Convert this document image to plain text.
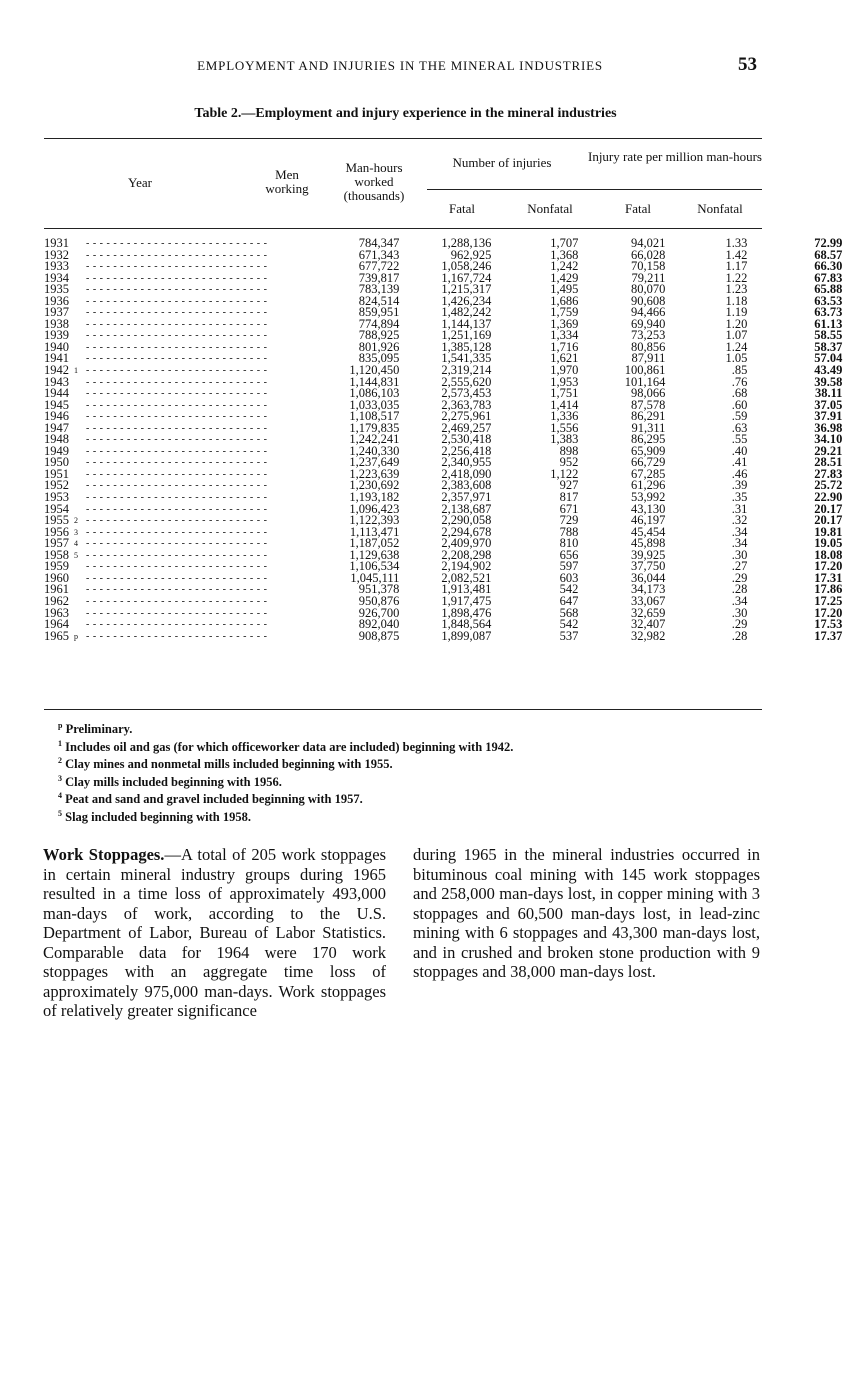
EMPLOYMENT AND INJURIES IN THE MINERAL INDUSTRIES	53
Table 2.—Employment and injury experience in the mineral industries
Year
Men working
Man-hours worked (thousands)
Number of injuries	Injury rate per million man-hours
Fatal	Nonfatal	Fatal	Nonfatal
1931		- - - - - - - - - - - - - - - - - - - - - - - - - - -	784,347	1,288,136	1,707	94,021	1.33	72.99
1932		- - - - - - - - - - - - - - - - - - - - - - - - - - -	671,343	962,925	1,368	66,028	1.42	68.57
1933		- - - - - - - - - - - - - - - - - - - - - - - - - - -	677,722	1,058,246	1,242	70,158	1.17	66.30
1934		- - - - - - - - - - - - - - - - - - - - - - - - - - -	739,817	1,167,724	1,429	79,211	1.22	67.83
1935		- - - - - - - - - - - - - - - - - - - - - - - - - - -	783,139	1,215,317	1,495	80,070	1.23	65.88
1936		- - - - - - - - - - - - - - - - - - - - - - - - - - -	824,514	1,426,234	1,686	90,608	1.18	63.53
1937		- - - - - - - - - - - - - - - - - - - - - - - - - - -	859,951	1,482,242	1,759	94,466	1.19	63.73
1938		- - - - - - - - - - - - - - - - - - - - - - - - - - -	774,894	1,144,137	1,369	69,940	1.20	61.13
1939		- - - - - - - - - - - - - - - - - - - - - - - - - - -	788,925	1,251,169	1,334	73,253	1.07	58.55
1940		- - - - - - - - - - - - - - - - - - - - - - - - - - -	801,926	1,385,128	1,716	80,856	1.24	58.37
1941		- - - - - - - - - - - - - - - - - - - - - - - - - - -	835,095	1,541,335	1,621	87,911	1.05	57.04
1942	1	- - - - - - - - - - - - - - - - - - - - - - - - - - -	1,120,450	2,319,214	1,970	100,861	.85	43.49
1943		- - - - - - - - - - - - - - - - - - - - - - - - - - -	1,144,831	2,555,620	1,953	101,164	.76	39.58
1944		- - - - - - - - - - - - - - - - - - - - - - - - - - -	1,086,103	2,573,453	1,751	98,066	.68	38.11
1945		- - - - - - - - - - - - - - - - - - - - - - - - - - -	1,033,035	2,363,783	1,414	87,578	.60	37.05
1946		- - - - - - - - - - - - - - - - - - - - - - - - - - -	1,108,517	2,275,961	1,336	86,291	.59	37.91
1947		- - - - - - - - - - - - - - - - - - - - - - - - - - -	1,179,835	2,469,257	1,556	91,311	.63	36.98
1948		- - - - - - - - - - - - - - - - - - - - - - - - - - -	1,242,241	2,530,418	1,383	86,295	.55	34.10
1949		- - - - - - - - - - - - - - - - - - - - - - - - - - -	1,240,330	2,256,418	898	65,909	.40	29.21
1950		- - - - - - - - - - - - - - - - - - - - - - - - - - -	1,237,649	2,340,955	952	66,729	.41	28.51
1951		- - - - - - - - - - - - - - - - - - - - - - - - - - -	1,223,639	2,418,090	1,122	67,285	.46	27.83
1952		- - - - - - - - - - - - - - - - - - - - - - - - - - -	1,230,692	2,383,608	927	61,296	.39	25.72
1953		- - - - - - - - - - - - - - - - - - - - - - - - - - -	1,193,182	2,357,971	817	53,992	.35	22.90
1954		- - - - - - - - - - - - - - - - - - - - - - - - - - -	1,096,423	2,138,687	671	43,130	.31	20.17
1955	2	- - - - - - - - - - - - - - - - - - - - - - - - - - -	1,122,393	2,290,058	729	46,197	.32	20.17
1956	3	- - - - - - - - - - - - - - - - - - - - - - - - - - -	1,113,471	2,294,678	788	45,454	.34	19.81
1957	4	- - - - - - - - - - - - - - - - - - - - - - - - - - -	1,187,052	2,409,970	810	45,898	.34	19.05
1958	5	- - - - - - - - - - - - - - - - - - - - - - - - - - -	1,129,638	2,208,298	656	39,925	.30	18.08
1959		- - - - - - - - - - - - - - - - - - - - - - - - - - -	1,106,534	2,194,902	597	37,750	.27	17.20
1960		- - - - - - - - - - - - - - - - - - - - - - - - - - -	1,045,111	2,082,521	603	36,044	.29	17.31
1961		- - - - - - - - - - - - - - - - - - - - - - - - - - -	951,378	1,913,481	542	34,173	.28	17.86
1962		- - - - - - - - - - - - - - - - - - - - - - - - - - -	950,876	1,917,475	647	33,067	.34	17.25
1963		- - - - - - - - - - - - - - - - - - - - - - - - - - -	926,700	1,898,476	568	32,659	.30	17.20
1964		- - - - - - - - - - - - - - - - - - - - - - - - - - -	892,040	1,848,564	542	32,407	.29	17.53
1965	p	- - - - - - - - - - - - - - - - - - - - - - - - - - -	908,875	1,899,087	537	32,982	.28	17.37
$^p$ Preliminary.
$^1$ Includes oil and gas (for which officeworker data are included) beginning with 1942.
$^2$ Clay mines and nonmetal mills included beginning with 1955.
$^3$ Clay mills included beginning with 1956.
$^4$ Peat and sand and gravel included beginning with 1957.
$^5$ Slag included beginning with 1958.
Work Stoppages.—A total of 205 work stoppages in certain mineral industry groups during 1965 resulted in a time loss of approximately 493,000 man-days of work, according to the U.S. Department of Labor, Bureau of Labor Statistics. Comparable data for 1964 were 170 work stoppages with an aggregate time loss of approximately 975,000 man-days. Work stoppages of relatively greater significance
during 1965 in the mineral industries occurred in bituminous coal mining with 145 work stoppages and 258,000 man-days lost, in copper mining with 3 stoppages and 60,500 man-days lost, in lead-zinc mining with 6 stoppages and 43,300 man-days lost, and in crushed and broken stone production with 9 stoppages and 38,000 man-days lost.
